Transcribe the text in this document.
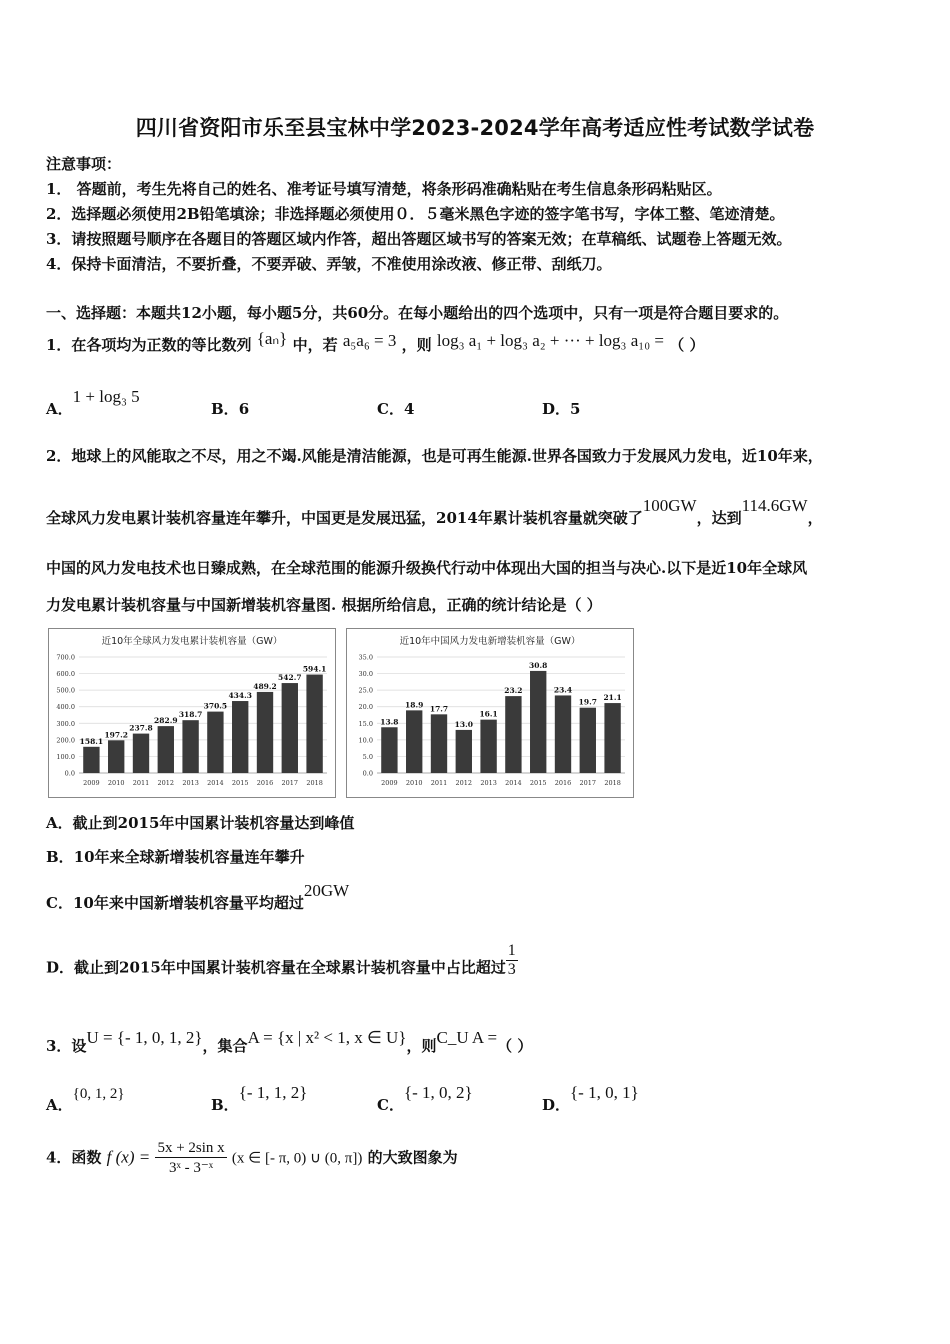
四川省资阳市乐至县宝林中学2023-2024学年高考适应性考试数学试卷
注意事项：
1． 答题前，考生先将自己的姓名、准考证号填写清楚，将条形码准确粘贴在考生信息条形码粘贴区。
2．选择题必须使用2B铅笔填涂；非选择题必须使用０．５毫米黑色字迹的签字笔书写，字体工整、笔迹清楚。
3．请按照题号顺序在各题目的答题区域内作答，超出答题区域书写的答案无效；在草稿纸、试题卷上答题无效。
4．保持卡面清洁，不要折叠，不要弄破、弄皱，不准使用涂改液、修正带、刮纸刀。
一、选择题：本题共12小题，每小题5分，共60分。在每小题给出的四个选项中，只有一项是符合题目要求的。
1．在各项均为正数的等比数列 {aₙ} 中，若 a₅a₆ = 3 ，则 log₃ a₁ + log₃ a₂ + ··· + log₃ a₁₀ = （ ）
A．1 + log₃ 5
B．6	C．4	D．5
2．地球上的风能取之不尽，用之不竭.风能是清洁能源，也是可再生能源.世界各国致力于发展风力发电，近10年来，
全球风力发电累计装机容量连年攀升，中国更是发展迅猛，2014年累计装机容量就突破了100GW，达到114.6GW，
中国的风力发电技术也日臻成熟，在全球范围的能源升级换代行动中体现出大国的担当与决心.以下是近10年全球风
力发电累计装机容量与中国新增装机容量图. 根据所给信息，正确的统计结论是（ ）
近10年全球风力发电累计装机容量（GW）
0.0
100.0
200.0
300.0
400.0
500.0
600.0
700.0
158.1
2009
197.2
2010
237.8
2011
282.9
2012
318.7
2013
370.5
2014
434.3
2015
489.2
2016
542.7
2017
594.1
2018
近10年中国风力发电新增装机容量（GW）
0.0
5.0
10.0
15.0
20.0
25.0
30.0
35.0
13.8
2009
18.9
2010
17.7
2011
13.0
2012
16.1
2013
23.2
2014
30.8
2015
23.4
2016
19.7
2017
21.1
2018
A．截止到2015年中国累计装机容量达到峰值
B．10年来全球新增装机容量连年攀升
C．10年来中国新增装机容量平均超过20GW
D．截止到2015年中国累计装机容量在全球累计装机容量中占比超过 $\frac{1}{3}$
3．设U = {- 1, 0, 1, 2}，集合A = {x | x² < 1, x ∈ U}，则C_U A =（ ）
A．{0, 1, 2}
B．{- 1, 1, 2}
C．{- 1, 0, 2}
D．{- 1, 0, 1}
4．函数 f $(x) = \frac{\text{5x + 2sin x}}{\text{3ˣ - 3⁻ˣ}} (x$ ∈ [- π, 0) ∪ (0, π]) 的大致图象为
